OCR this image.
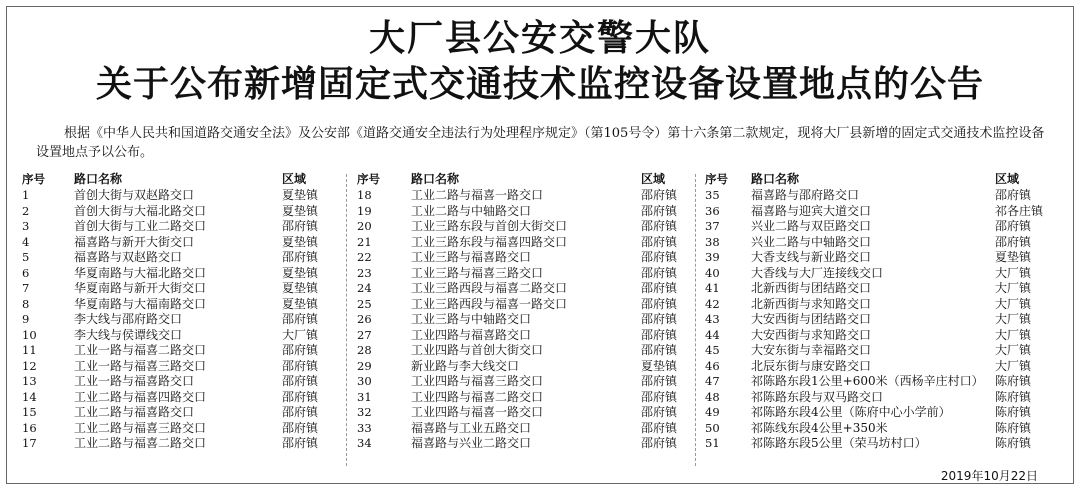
大厂县公安交警大队
关于公布新增固定式交通技术监控设备设置地点的公告
根据《中华人民共和国道路交通安全法》及公安部《道路交通安全违法行为处理程序规定》（第105号令）第十六条第二款规定，现将大厂县新增的固定式交通技术监控设备设置地点予以公布。
序号 路口名称	区域
1	首创大街与双赵路交口	夏垫镇
2	首创大街与大福北路交口	夏垫镇
3	首创大街与工业二路交口	邵府镇
4	福喜路与新开大街交口	夏垫镇
5	福喜路与双赵路交口	邵府镇
6	华夏南路与大福北路交口	夏垫镇
7	华夏南路与新开大街交口	夏垫镇
8	华夏南路与大福南路交口	夏垫镇
9	李大线与邵府路交口	邵府镇
10	李大线与侯谭线交口	大厂镇
11	工业一路与福喜二路交口	邵府镇
12	工业一路与福喜三路交口	邵府镇
13	工业一路与福喜路交口	邵府镇
14	工业二路与福喜四路交口	邵府镇
15	工业二路与福喜路交口	邵府镇
16	工业二路与福喜三路交口	邵府镇
17	工业二路与福喜二路交口	邵府镇
序号	路口名称	区域
18	工业二路与福喜一路交口	邵府镇
19	工业二路与中轴路交口	邵府镇
20	工业三路东段与首创大街交口	邵府镇
21	工业三路东段与福喜四路交口	邵府镇
22	工业三路与福喜路交口	邵府镇
23	工业三路与福喜三路交口	邵府镇
24	工业三路西段与福喜二路交口	邵府镇
25	工业三路西段与福喜一路交口	邵府镇
26	工业三路与中轴路交口	邵府镇
27	工业四路与福喜路交口	邵府镇
28	工业四路与首创大街交口	邵府镇
29	新业路与李大线交口	夏垫镇
30	工业四路与福喜三路交口	邵府镇
31	工业四路与福喜二路交口	邵府镇
32	工业四路与福喜一路交口	邵府镇
33	福喜路与工业五路交口	邵府镇
34	福喜路与兴业二路交口	邵府镇
序号 路口名称	区域
35	福喜路与邵府路交口	邵府镇
36	福喜路与迎宾大道交口	祁各庄镇
37	兴业二路与双臣路交口	邵府镇
38	兴业二路与中轴路交口	邵府镇
39	大香支线与新业路交口	夏垫镇
40	大香线与大厂连接线交口	大厂镇
41	北新西街与团结路交口	大厂镇
42	北新西街与求知路交口	大厂镇
43	大安西街与团结路交口	大厂镇
44	大安西街与求知路交口	大厂镇
45	大安东街与幸福路交口	大厂镇
46	北辰东街与康安路交口	大厂镇
47	祁陈路东段1公里+600米（西杨辛庄村口） 陈府镇
48	祁陈路东段与双马路交口	陈府镇
49	祁陈路东段4公里（陈府中心小学前）	陈府镇
50	祁陈线东段4公里+350米	陈府镇
51	祁陈路东段5公里（荣马坊村口）	陈府镇
2019年10月22日
